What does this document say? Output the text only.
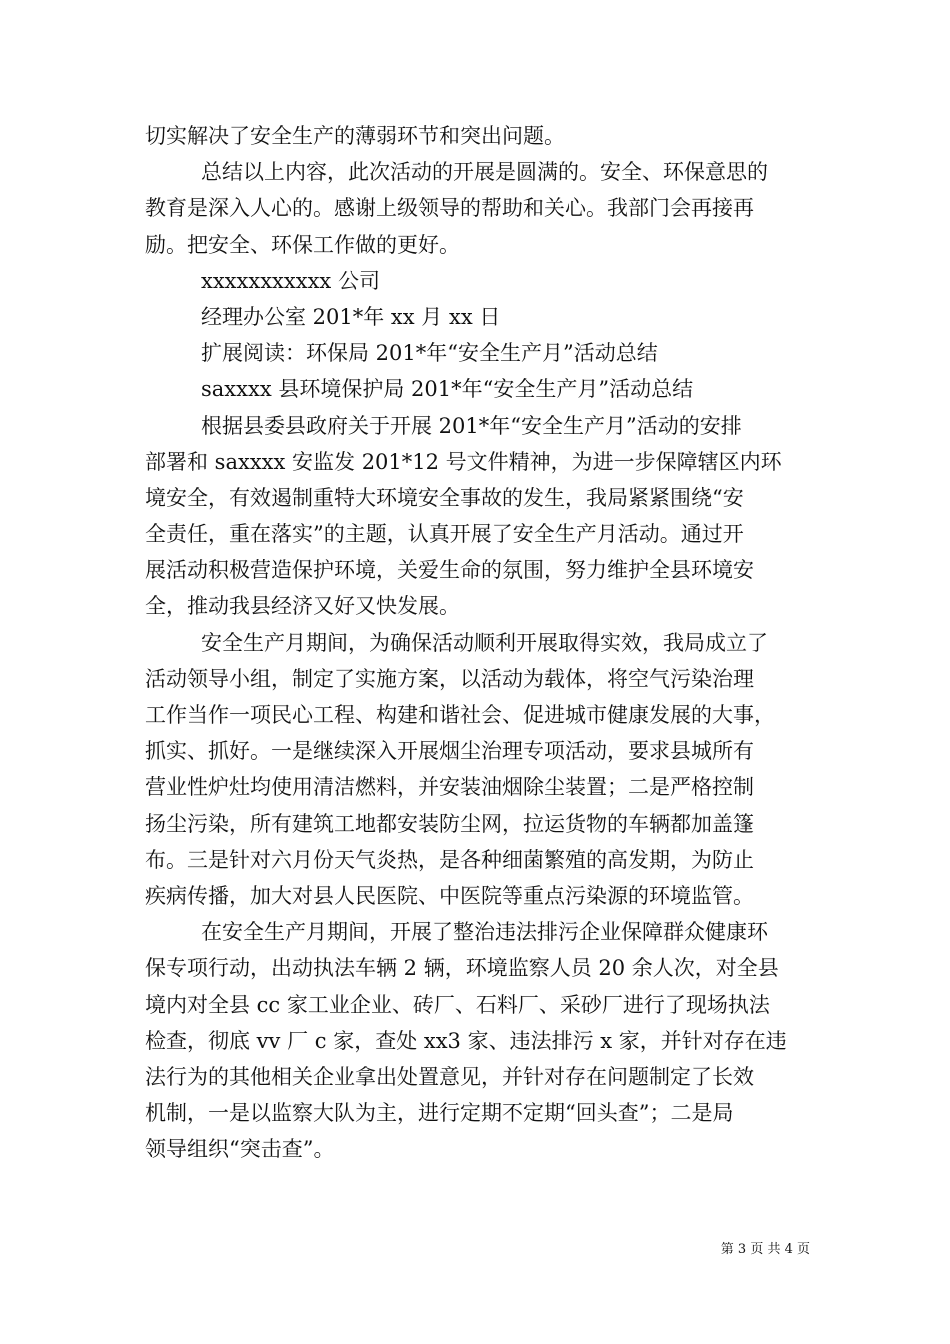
切实解决了安全生产的薄弱环节和突出问题。
总结以上内容，此次活动的开展是圆满的。安全、环保意思的
教育是深入人心的。感谢上级领导的帮助和关心。我部门会再接再
励。把安全、环保工作做的更好。
xxxxxxxxxxx 公司
经理办公室 201*年 xx 月 xx 日
扩展阅读：环保局 201*年“安全生产月”活动总结
saxxxx 县环境保护局 201*年“安全生产月”活动总结
根据县委县政府关于开展 201*年“安全生产月”活动的安排
部署和 saxxxx 安监发 201*12 号文件精神，为进一步保障辖区内环
境安全，有效遏制重特大环境安全事故的发生，我局紧紧围绕“安
全责任，重在落实”的主题，认真开展了安全生产月活动。通过开
展活动积极营造保护环境，关爱生命的氛围，努力维护全县环境安
全，推动我县经济又好又快发展。
安全生产月期间，为确保活动顺利开展取得实效，我局成立了
活动领导小组，制定了实施方案，以活动为载体，将空气污染治理
工作当作一项民心工程、构建和谐社会、促进城市健康发展的大事，
抓实、抓好。一是继续深入开展烟尘治理专项活动，要求县城所有
营业性炉灶均使用清洁燃料，并安装油烟除尘装置；二是严格控制
扬尘污染，所有建筑工地都安装防尘网，拉运货物的车辆都加盖篷
布。三是针对六月份天气炎热，是各种细菌繁殖的高发期，为防止
疾病传播，加大对县人民医院、中医院等重点污染源的环境监管。
在安全生产月期间，开展了整治违法排污企业保障群众健康环
保专项行动，出动执法车辆 2 辆，环境监察人员 20 余人次，对全县
境内对全县 cc 家工业企业、砖厂、石料厂、采砂厂进行了现场执法
检查，彻底 vv 厂 c 家，查处 xx3 家、违法排污 x 家，并针对存在违
法行为的其他相关企业拿出处置意见，并针对存在问题制定了长效
机制，一是以监察大队为主，进行定期不定期“回头查”；二是局
领导组织“突击查”。
第 3 页 共 4 页
